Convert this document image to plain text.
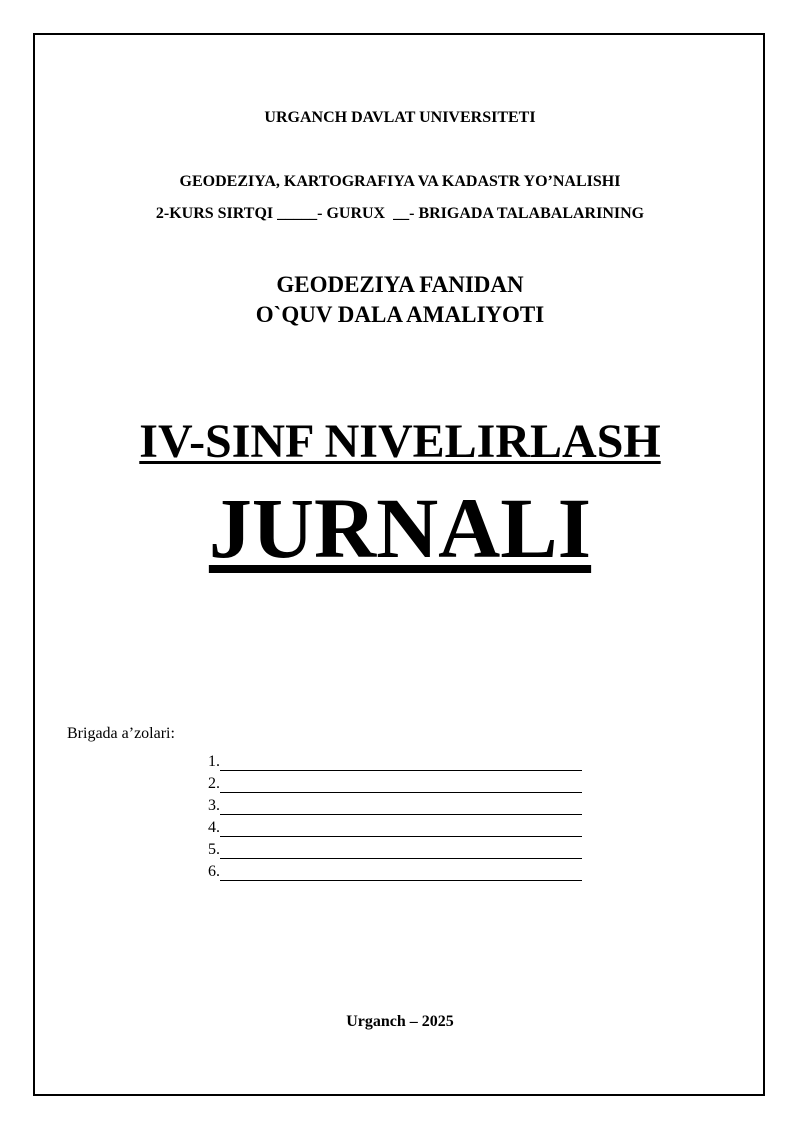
URGANCH DAVLAT UNIVERSITETI
GEODEZIYA, KARTOGRAFIYA VA KADASTR YO’NALISHI
2-KURS SIRTQI _____- GURUX  __- BRIGADA TALABALARINING
GEODEZIYA FANIDAN
O`QUV DALA AMALIYOTI
IV-SINF NIVELIRLASH
JURNALI
Brigada a’zolari:
1.
2.
3.
4.
5.
6.
Urganch – 2025
